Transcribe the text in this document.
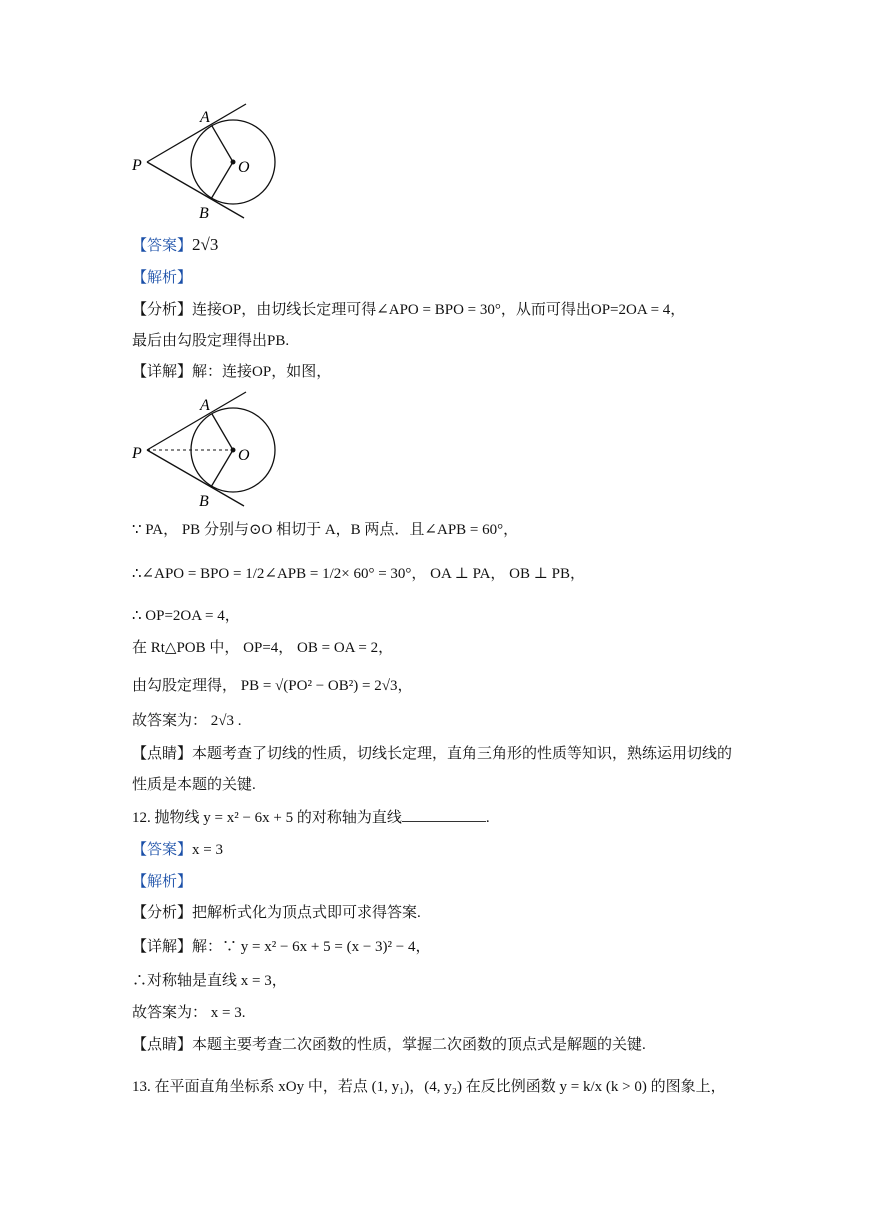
A
P	O
B
【答案】2√3
【解析】
【分析】连接OP，由切线长定理可得∠APO = BPO = 30°，从而可得出OP=2OA = 4，
最后由勾股定理得出PB.
【详解】解：连接OP，如图，
A
P	O
B
∵ PA， PB 分别与⊙O 相切于 A，B 两点．且∠APB = 60°，
∴∠APO = BPO = 1/2∠APB = 1/2× 60° = 30°， OA ⊥ PA， OB ⊥ PB，
∴ OP=2OA = 4，
在 Rt△POB 中， OP=4， OB = OA = 2，
由勾股定理得， PB = √(PO² − OB²) = 2√3，
故答案为： 2√3 .
【点睛】本题考查了切线的性质，切线长定理，直角三角形的性质等知识，熟练运用切线的
性质是本题的关键.
12. 抛物线 y = x² − 6x + 5 的对称轴为直线	.
【答案】x = 3
【解析】
【分析】把解析式化为顶点式即可求得答案.
【详解】解：∵ y = x² − 6x + 5 = (x − 3)² − 4，
∴对称轴是直线 x = 3，
故答案为： x = 3.
【点睛】本题主要考查二次函数的性质，掌握二次函数的顶点式是解题的关键.
13. 在平面直角坐标系 xOy 中，若点 (1, y₁)，(4, y₂) 在反比例函数 y = k/x (k > 0) 的图象上，
